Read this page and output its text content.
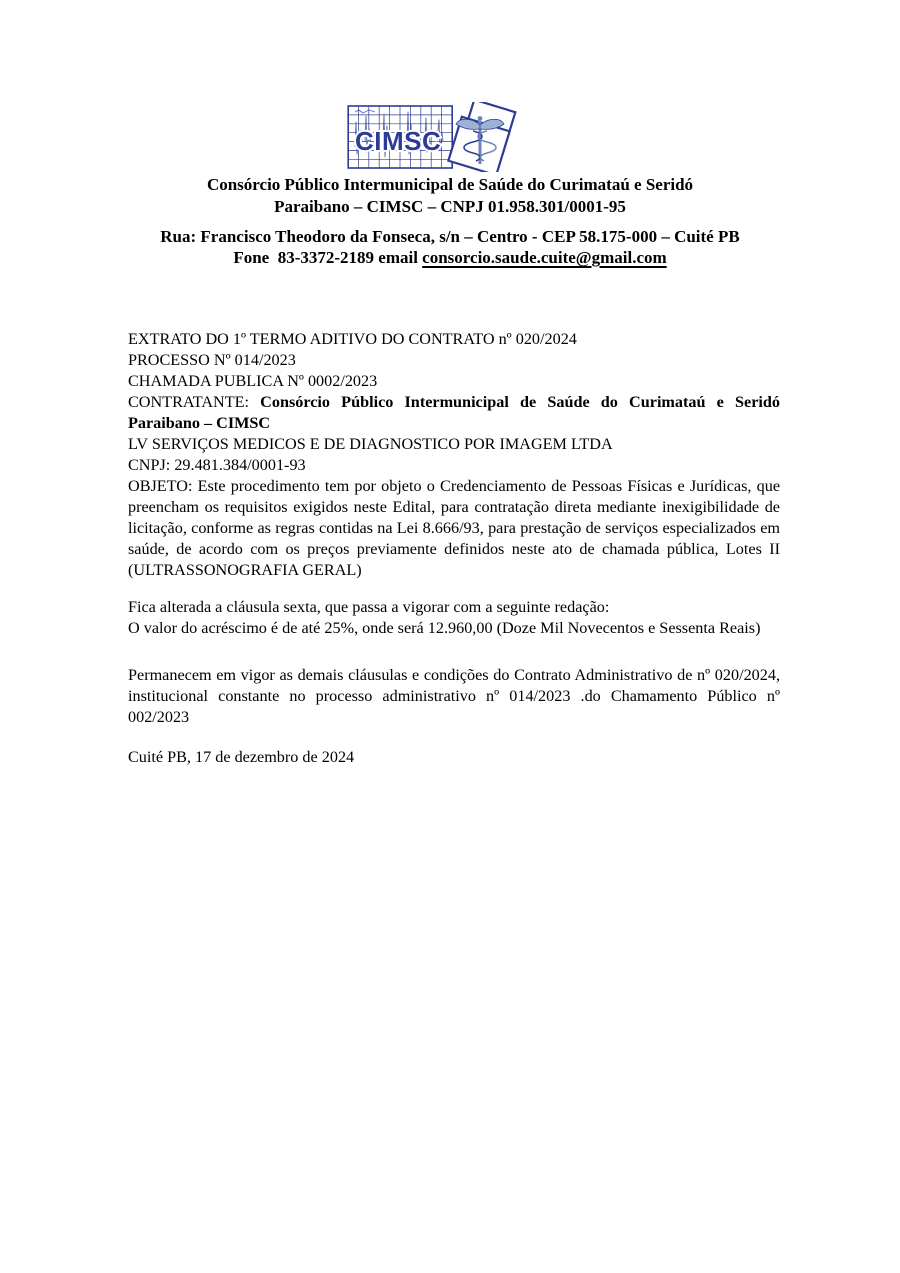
CIMSC
Consórcio Público Intermunicipal de Saúde do Curimataú e Seridó
Paraibano – CIMSC – CNPJ 01.958.301/0001-95
Rua: Francisco Theodoro da Fonseca, s/n – Centro - CEP 58.175-000 – Cuité PB
Fone  83-3372-2189 email consorcio.saude.cuite@gmail.com
EXTRATO DO 1º TERMO ADITIVO DO CONTRATO nº 020/2024
PROCESSO Nº 014/2023
CHAMADA PUBLICA Nº 0002/2023
CONTRATANTE: Consórcio Público Intermunicipal de Saúde do Curimataú e Seridó Paraibano – CIMSC
LV SERVIÇOS MEDICOS E DE DIAGNOSTICO POR IMAGEM LTDA
CNPJ: 29.481.384/0001-93
OBJETO: Este procedimento tem por objeto o Credenciamento de Pessoas Físicas e Jurídicas, que preencham os requisitos exigidos neste Edital, para contratação direta mediante inexigibilidade de licitação, conforme as regras contidas na Lei 8.666/93, para prestação de serviços especializados em saúde, de acordo com os preços previamente definidos neste ato de chamada pública, Lotes II (ULTRASSONOGRAFIA GERAL)
Fica alterada a cláusula sexta, que passa a vigorar com a seguinte redação:
O valor do acréscimo é de até 25%, onde será 12.960,00 (Doze Mil Novecentos e Sessenta Reais)
Permanecem em vigor as demais cláusulas e condições do Contrato Administrativo de nº 020/2024, institucional constante no processo administrativo nº 014/2023 .do Chamamento Público nº 002/2023
Cuité PB, 17 de dezembro de 2024
